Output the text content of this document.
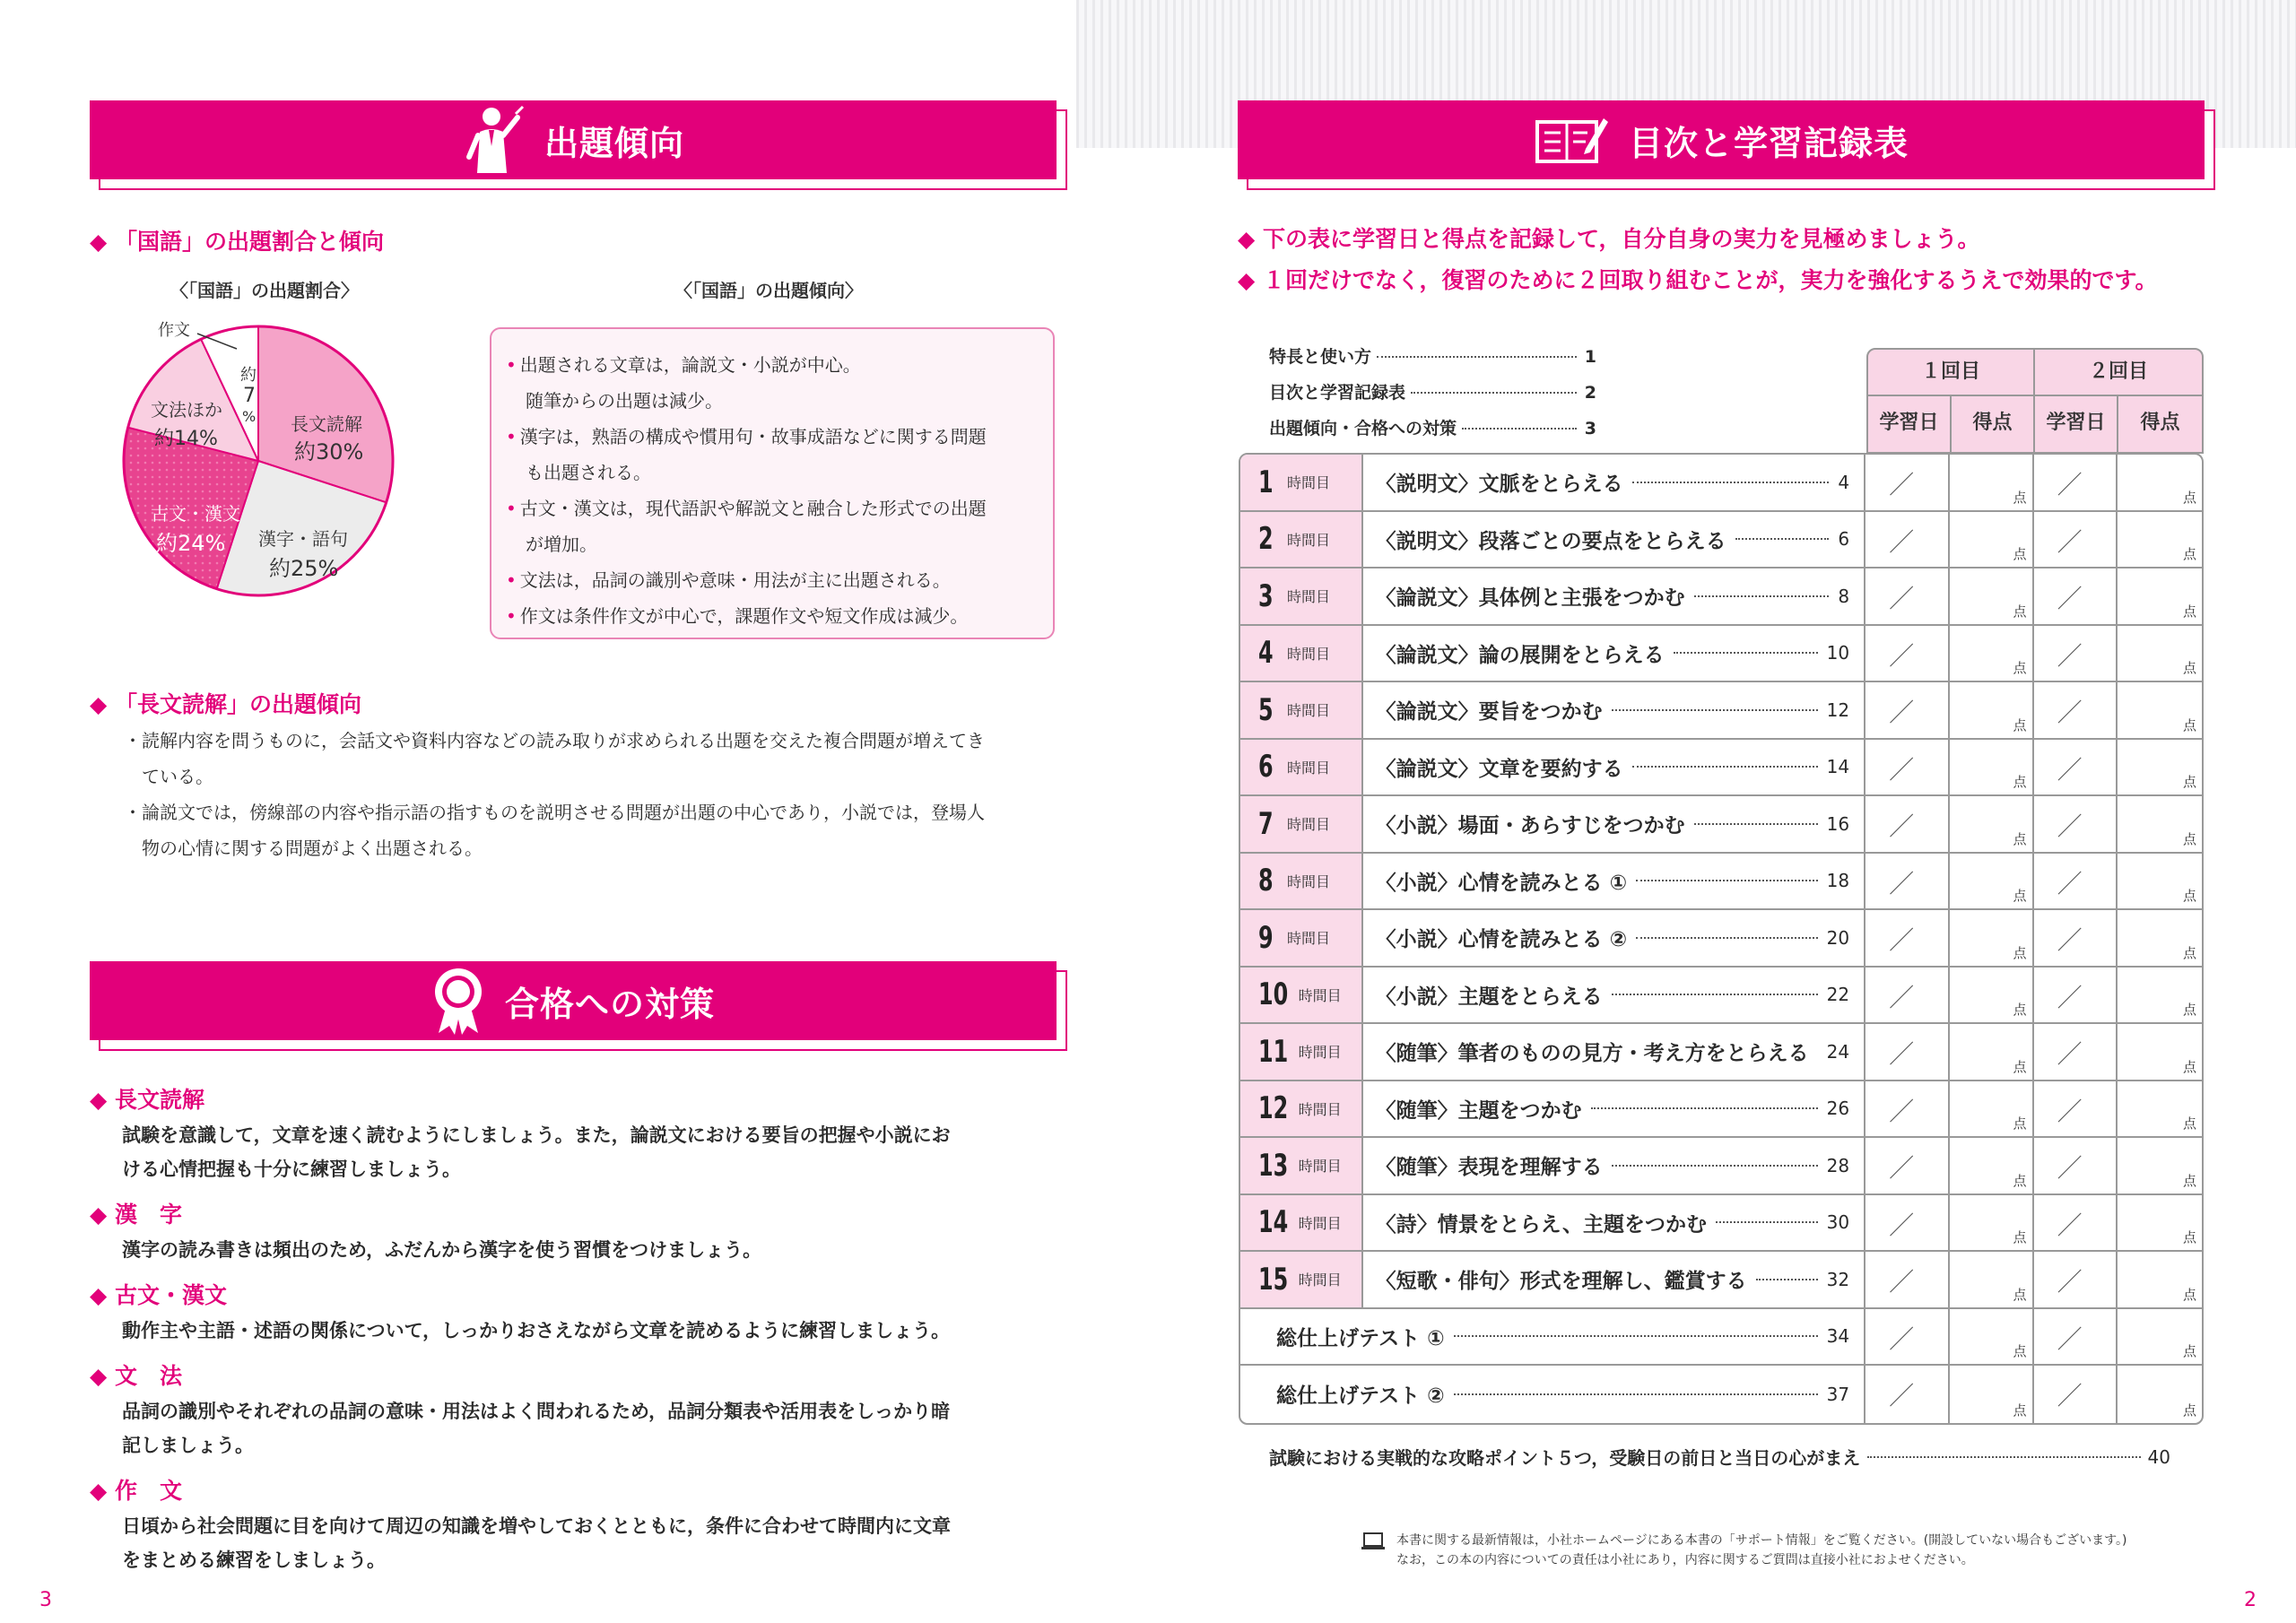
出題傾向
◆ 「国語」の出題割合と傾向
〈「国語」の出題割合〉	〈「国語」の出題傾向〉
長文読解
約30%
漢字・語句
約25%
古文・漢文
約24%
文法ほか
約14%
作文
約
7
%

• 出題される文章は，論説文・小説が中心。

随筆からの出題は減少。

• 漢字は，熟語の構成や慣用句・故事成語などに関する問題

も出題される。

• 古文・漢文は，現代語訳や解説文と融合した形式での出題

が増加。

• 文法は，品詞の識別や意味・用法が主に出題される。

• 作文は条件作文が中心で，課題作文や短文作成は減少。

◆ 「長文読解」の出題傾向
・読解内容を問うものに，会話文や資料内容などの読み取りが求められる出題を交えた複合問題が増えてき
ている。
・論説文では，傍線部の内容や指示語の指すものを説明させる問題が出題の中心であり，小説では，登場人
物の心情に関する問題がよく出題される。
合格への対策
◆ 長文読解
試験を意識して，文章を速く読むようにしましょう。また，論説文における要旨の把握や小説にお
ける心情把握も十分に練習しましょう。
◆ 漢　字
漢字の読み書きは頻出のため，ふだんから漢字を使う習慣をつけましょう。
◆ 古文・漢文
動作主や主語・述語の関係について，しっかりおさえながら文章を読めるように練習しましょう。
◆ 文　法
品詞の識別やそれぞれの品詞の意味・用法はよく問われるため，品詞分類表や活用表をしっかり暗
記しましょう。
◆ 作　文
日頃から社会問題に目を向けて周辺の知識を増やしておくとともに，条件に合わせて時間内に文章
をまとめる練習をしましょう。
3
目次と学習記録表
◆ 下の表に学習日と得点を記録して，自分自身の実力を見極めましょう。
◆ １回だけでなく，復習のために２回取り組むことが，実力を強化するうえで効果的です。
特長と使い方	1
目次と学習記録表	2
出題傾向・合格への対策	3
１回目	２回目
学習日	得点	学習日	得点
1 時間目 〈説明文〉文脈をとらえる	4 ／	点 ／	点
2 時間目 〈説明文〉段落ごとの要点をとらえる	6 ／	点 ／	点
3 時間目 〈論説文〉具体例と主張をつかむ	8 ／	点 ／	点
4 時間目 〈論説文〉論の展開をとらえる	10 ／	点 ／	点
5 時間目 〈論説文〉要旨をつかむ	12 ／	点 ／	点
6 時間目 〈論説文〉文章を要約する	14 ／	点 ／	点
7 時間目 〈小説〉場面・あらすじをつかむ	16 ／	点 ／	点
8 時間目 〈小説〉心情を読みとる ①	18 ／	点 ／	点
9 時間目 〈小説〉心情を読みとる ②	20 ／	点 ／	点
10 時間目 〈小説〉主題をとらえる	22 ／	点 ／	点
11 時間目 〈随筆〉筆者のものの見方・考え方をとらえる 24 ／	点 ／	点
12 時間目 〈随筆〉主題をつかむ	26 ／	点 ／	点
13 時間目 〈随筆〉表現を理解する	28 ／	点 ／	点
14 時間目 〈詩〉情景をとらえ、主題をつかむ	30 ／	点 ／	点
15 時間目 〈短歌・俳句〉形式を理解し、鑑賞する	32 ／	点 ／	点
総仕上げテスト ①	34 ／	点 ／	点
総仕上げテスト ②	37 ／	点 ／	点
試験における実戦的な攻略ポイント５つ，受験日の前日と当日の心がまえ	40
本書に関する最新情報は，小社ホームページにある本書の「サポート情報」をご覧ください。(開設していない場合もございます。)
なお，この本の内容についての責任は小社にあり，内容に関するご質問は直接小社におよせください。
2
